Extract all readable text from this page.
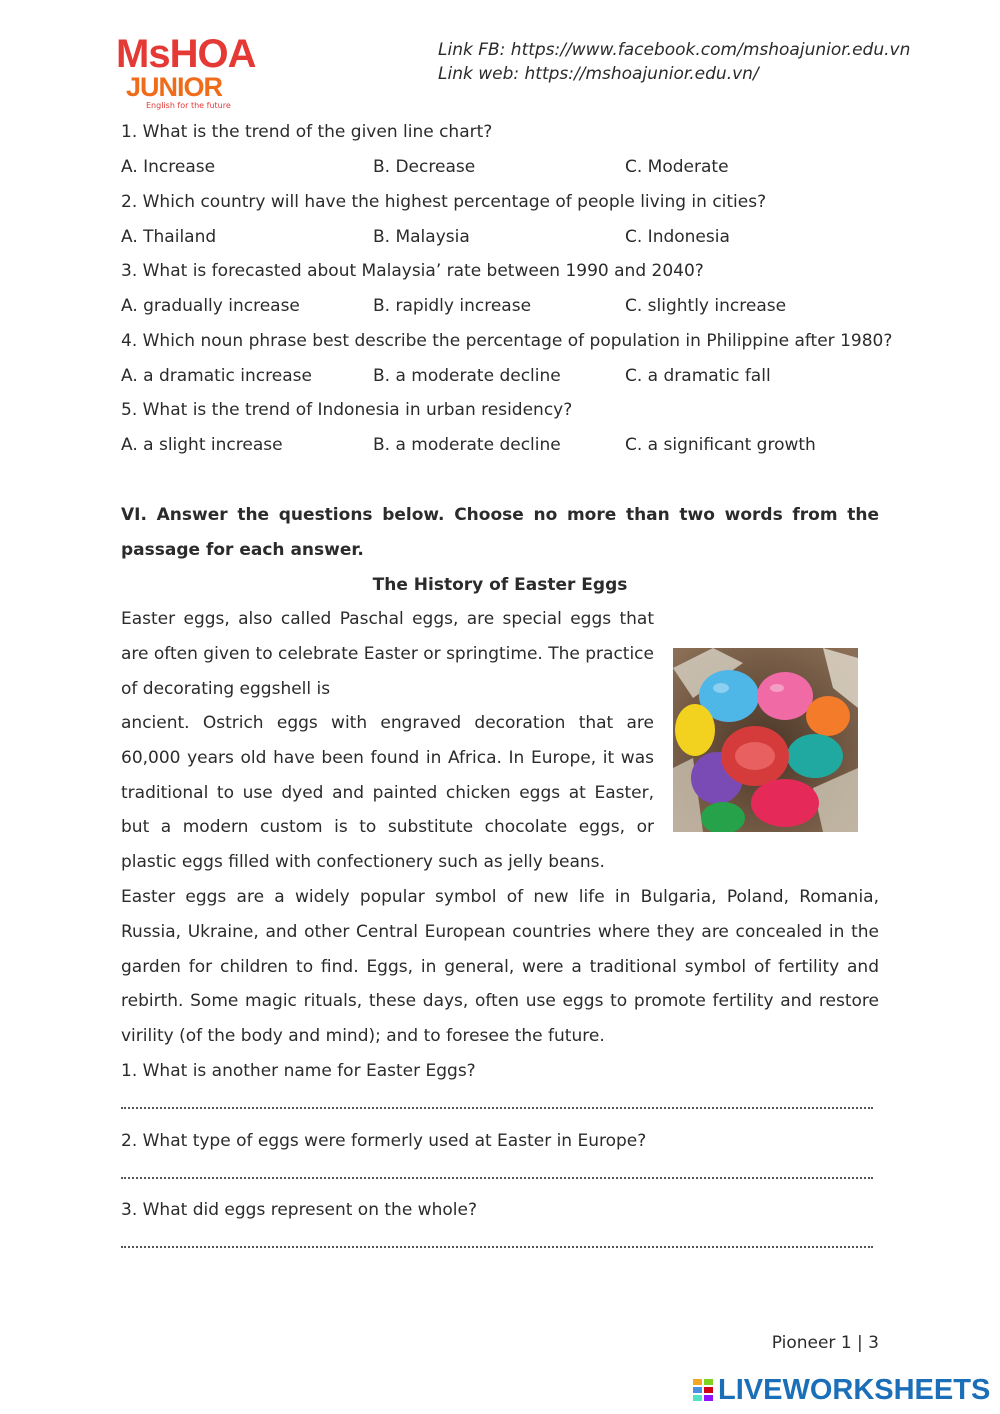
MsHOA
JUNIOR
English for the future
Link FB: https://www.facebook.com/mshoajunior.edu.vn
Link web: https://mshoajunior.edu.vn/
1. What is the trend of the given line chart?
A. Increase	B. Decrease	C. Moderate
2. Which country will have the highest percentage of people living in cities?
A. Thailand	B. Malaysia	C. Indonesia
3. What is forecasted about Malaysia’ rate between 1990 and 2040?
A. gradually increase	B. rapidly increase	C. slightly increase
4. Which noun phrase best describe the percentage of population in Philippine after 1980?
A. a dramatic increase	B. a moderate decline	C. a dramatic fall
5. What is the trend of Indonesia in urban residency?
A. a slight increase	B. a moderate decline	C. a significant growth
VI. Answer the questions below. Choose no more than two words from the passage for each answer.
The History of Easter Eggs

Easter eggs, also called Paschal eggs, are special eggs that are often given to celebrate Easter or springtime. The practice of decorating eggshell is

ancient. Ostrich eggs with engraved decoration that are 60,000 years old have been found in Africa. In Europe, it was traditional to use dyed and painted chicken eggs at Easter, but a modern custom is to substitute chocolate eggs, or plastic eggs filled with confectionery such as jelly beans.

Easter eggs are a widely popular symbol of new life in Bulgaria, Poland, Romania, Russia, Ukraine, and other Central European countries where they are concealed in the garden for children to find. Eggs, in general, were a traditional symbol of fertility and rebirth. Some magic rituals, these days, often use eggs to promote fertility and restore virility (of the body and mind); and to foresee the future.

1. What is another name for Easter Eggs?
2. What type of eggs were formerly used at Easter in Europe?
3. What did eggs represent on the whole?
Pioneer 1 | 3
LIVEWORKSHEETS
